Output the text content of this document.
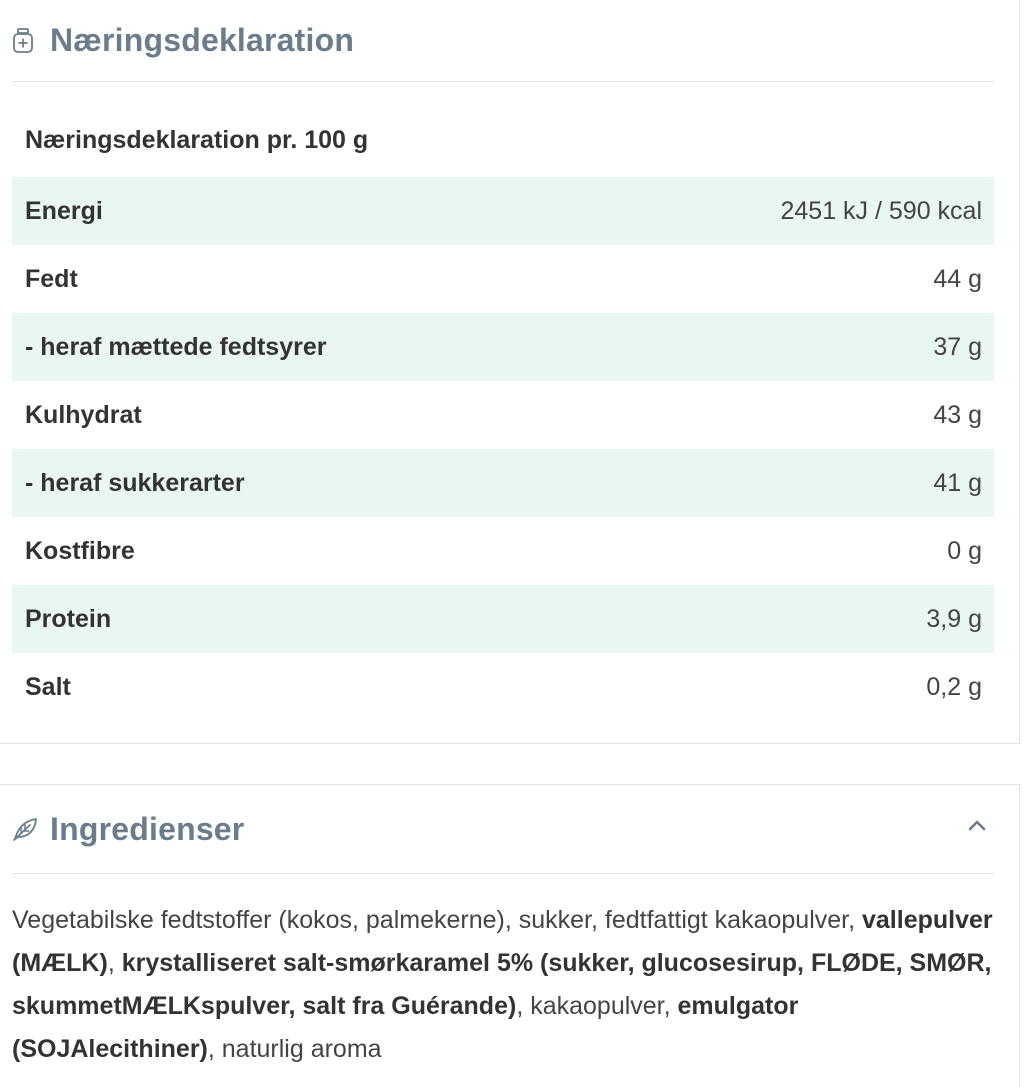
Næringsdeklaration
Næringsdeklaration pr. 100 g
Energi	2451 kJ / 590 kcal
Fedt	44 g
- heraf mættede fedtsyrer	37 g
Kulhydrat	43 g
- heraf sukkerarter	41 g
Kostfibre	0 g
Protein	3,9 g
Salt	0,2 g
Ingredienser
Vegetabilske fedtstoffer (kokos, palmekerne), sukker, fedtfattigt kakaopulver, vallepulver (MÆLK), krystalliseret salt-smørkaramel 5% (sukker, glucosesirup, FLØDE, SMØR, skummetMÆLKspulver, salt fra Guérande), kakaopulver, emulgator (SOJAlecithiner), naturlig aroma
